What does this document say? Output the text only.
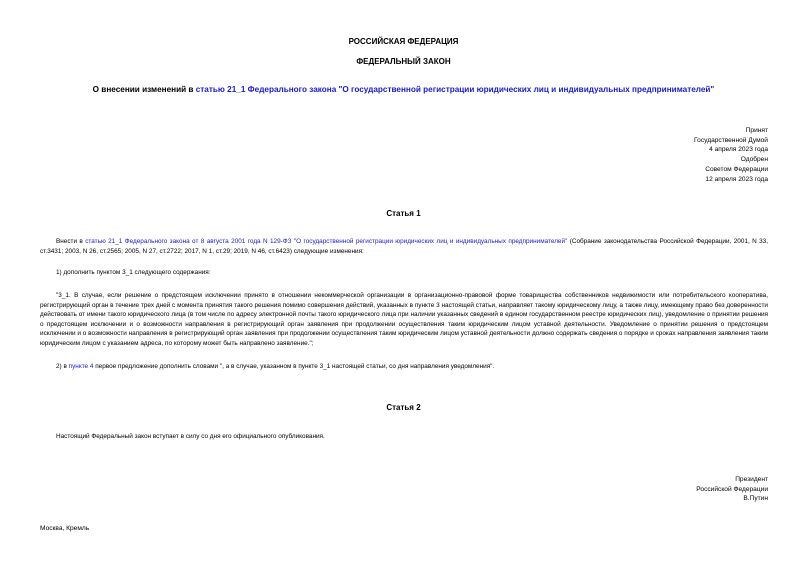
РОССИЙСКАЯ ФЕДЕРАЦИЯ
ФЕДЕРАЛЬНЫЙ ЗАКОН
О внесении изменений в статью 21_1 Федерального закона "О государственной регистрации юридических лиц и индивидуальных предпринимателей"
Принят
Государственной Думой
4 апреля 2023 года
Одобрен
Советом Федерации
12 апреля 2023 года
Статья 1
Внести в статью 21_1 Федерального закона от 8 августа 2001 года N 129-ФЗ "О государственной регистрации юридических лиц и индивидуальных предпринимателей" (Собрание законодательства Российской Федерации, 2001, N 33, ст.3431; 2003, N 26, ст.2565; 2005, N 27, ст.2722; 2017, N 1, ст.29; 2019, N 46, ст.6423) следующие изменения:
1) дополнить пунктом 3_1 следующего содержания:
"3_1. В случае, если решение о предстоящем исключении принято в отношении некоммерческой организации в организационно-правовой форме товарищества собственников недвижимости или потребительского кооператива, регистрирующий орган в течение трех дней с момента принятия такого решения помимо совершения действий, указанных в пункте 3 настоящей статьи, направляет такому юридическому лицу, а также лицу, имеющему право без доверенности действовать от имени такого юридического лица (в том числе по адресу электронной почты такого юридического лица при наличии указанных сведений в едином государственном реестре юридических лиц), уведомление о принятии решения о предстоящем исключении и о возможности направления в регистрирующий орган заявления при продолжении осуществления таким юридическим лицом уставной деятельности. Уведомление о принятии решения о предстоящем исключении и о возможности направления в регистрирующий орган заявления при продолжении осуществления таким юридическим лицом уставной деятельности должно содержать сведения о порядке и сроках направления заявления таким юридическим лицом с указанием адреса, по которому может быть направлено заявление.";
2) в пункте 4 первое предложение дополнить словами ", а в случае, указанном в пункте 3_1 настоящей статьи, со дня направления уведомления".
Статья 2
Настоящий Федеральный закон вступает в силу со дня его официального опубликования.
Президент
Российской Федерации
В.Путин
Москва, Кремль
